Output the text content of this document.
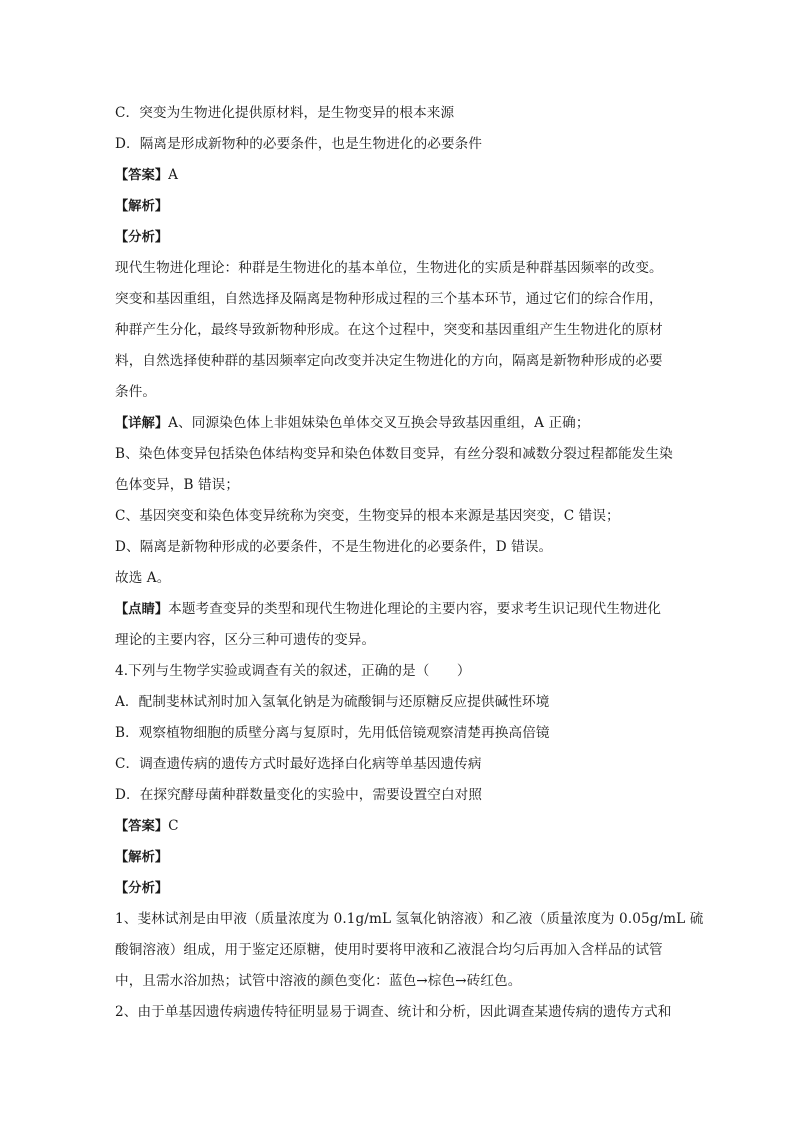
C．突变为生物进化提供原材料，是生物变异的根本来源
D．隔离是形成新物种的必要条件，也是生物进化的必要条件
【答案】A
【解析】
【分析】
现代生物进化理论：种群是生物进化的基本单位，生物进化的实质是种群基因频率的改变。
突变和基因重组，自然选择及隔离是物种形成过程的三个基本环节，通过它们的综合作用，
种群产生分化，最终导致新物种形成。在这个过程中，突变和基因重组产生生物进化的原材
料，自然选择使种群的基因频率定向改变并决定生物进化的方向，隔离是新物种形成的必要
条件。
【详解】A、同源染色体上非姐妹染色单体交叉互换会导致基因重组，A 正确；
B、染色体变异包括染色体结构变异和染色体数目变异，有丝分裂和减数分裂过程都能发生染
色体变异，B 错误；
C、基因突变和染色体变异统称为突变，生物变异的根本来源是基因突变，C 错误；
D、隔离是新物种形成的必要条件，不是生物进化的必要条件，D 错误。
故选 A。
【点睛】本题考查变异的类型和现代生物进化理论的主要内容，要求考生识记现代生物进化
理论的主要内容，区分三种可遗传的变异。
4.下列与生物学实验或调查有关的叙述，正确的是（　　）
A．配制斐林试剂时加入氢氧化钠是为硫酸铜与还原糖反应提供碱性环境
B．观察植物细胞的质壁分离与复原时，先用低倍镜观察清楚再换高倍镜
C．调查遗传病的遗传方式时最好选择白化病等单基因遗传病
D．在探究酵母菌种群数量变化的实验中，需要设置空白对照
【答案】C
【解析】
【分析】
1、斐林试剂是由甲液（质量浓度为 0.1g/mL 氢氧化钠溶液）和乙液（质量浓度为 0.05g/mL 硫
酸铜溶液）组成，用于鉴定还原糖，使用时要将甲液和乙液混合均匀后再加入含样品的试管
中，且需水浴加热；试管中溶液的颜色变化：蓝色→棕色→砖红色。
2、由于单基因遗传病遗传特征明显易于调查、统计和分析，因此调查某遗传病的遗传方式和
